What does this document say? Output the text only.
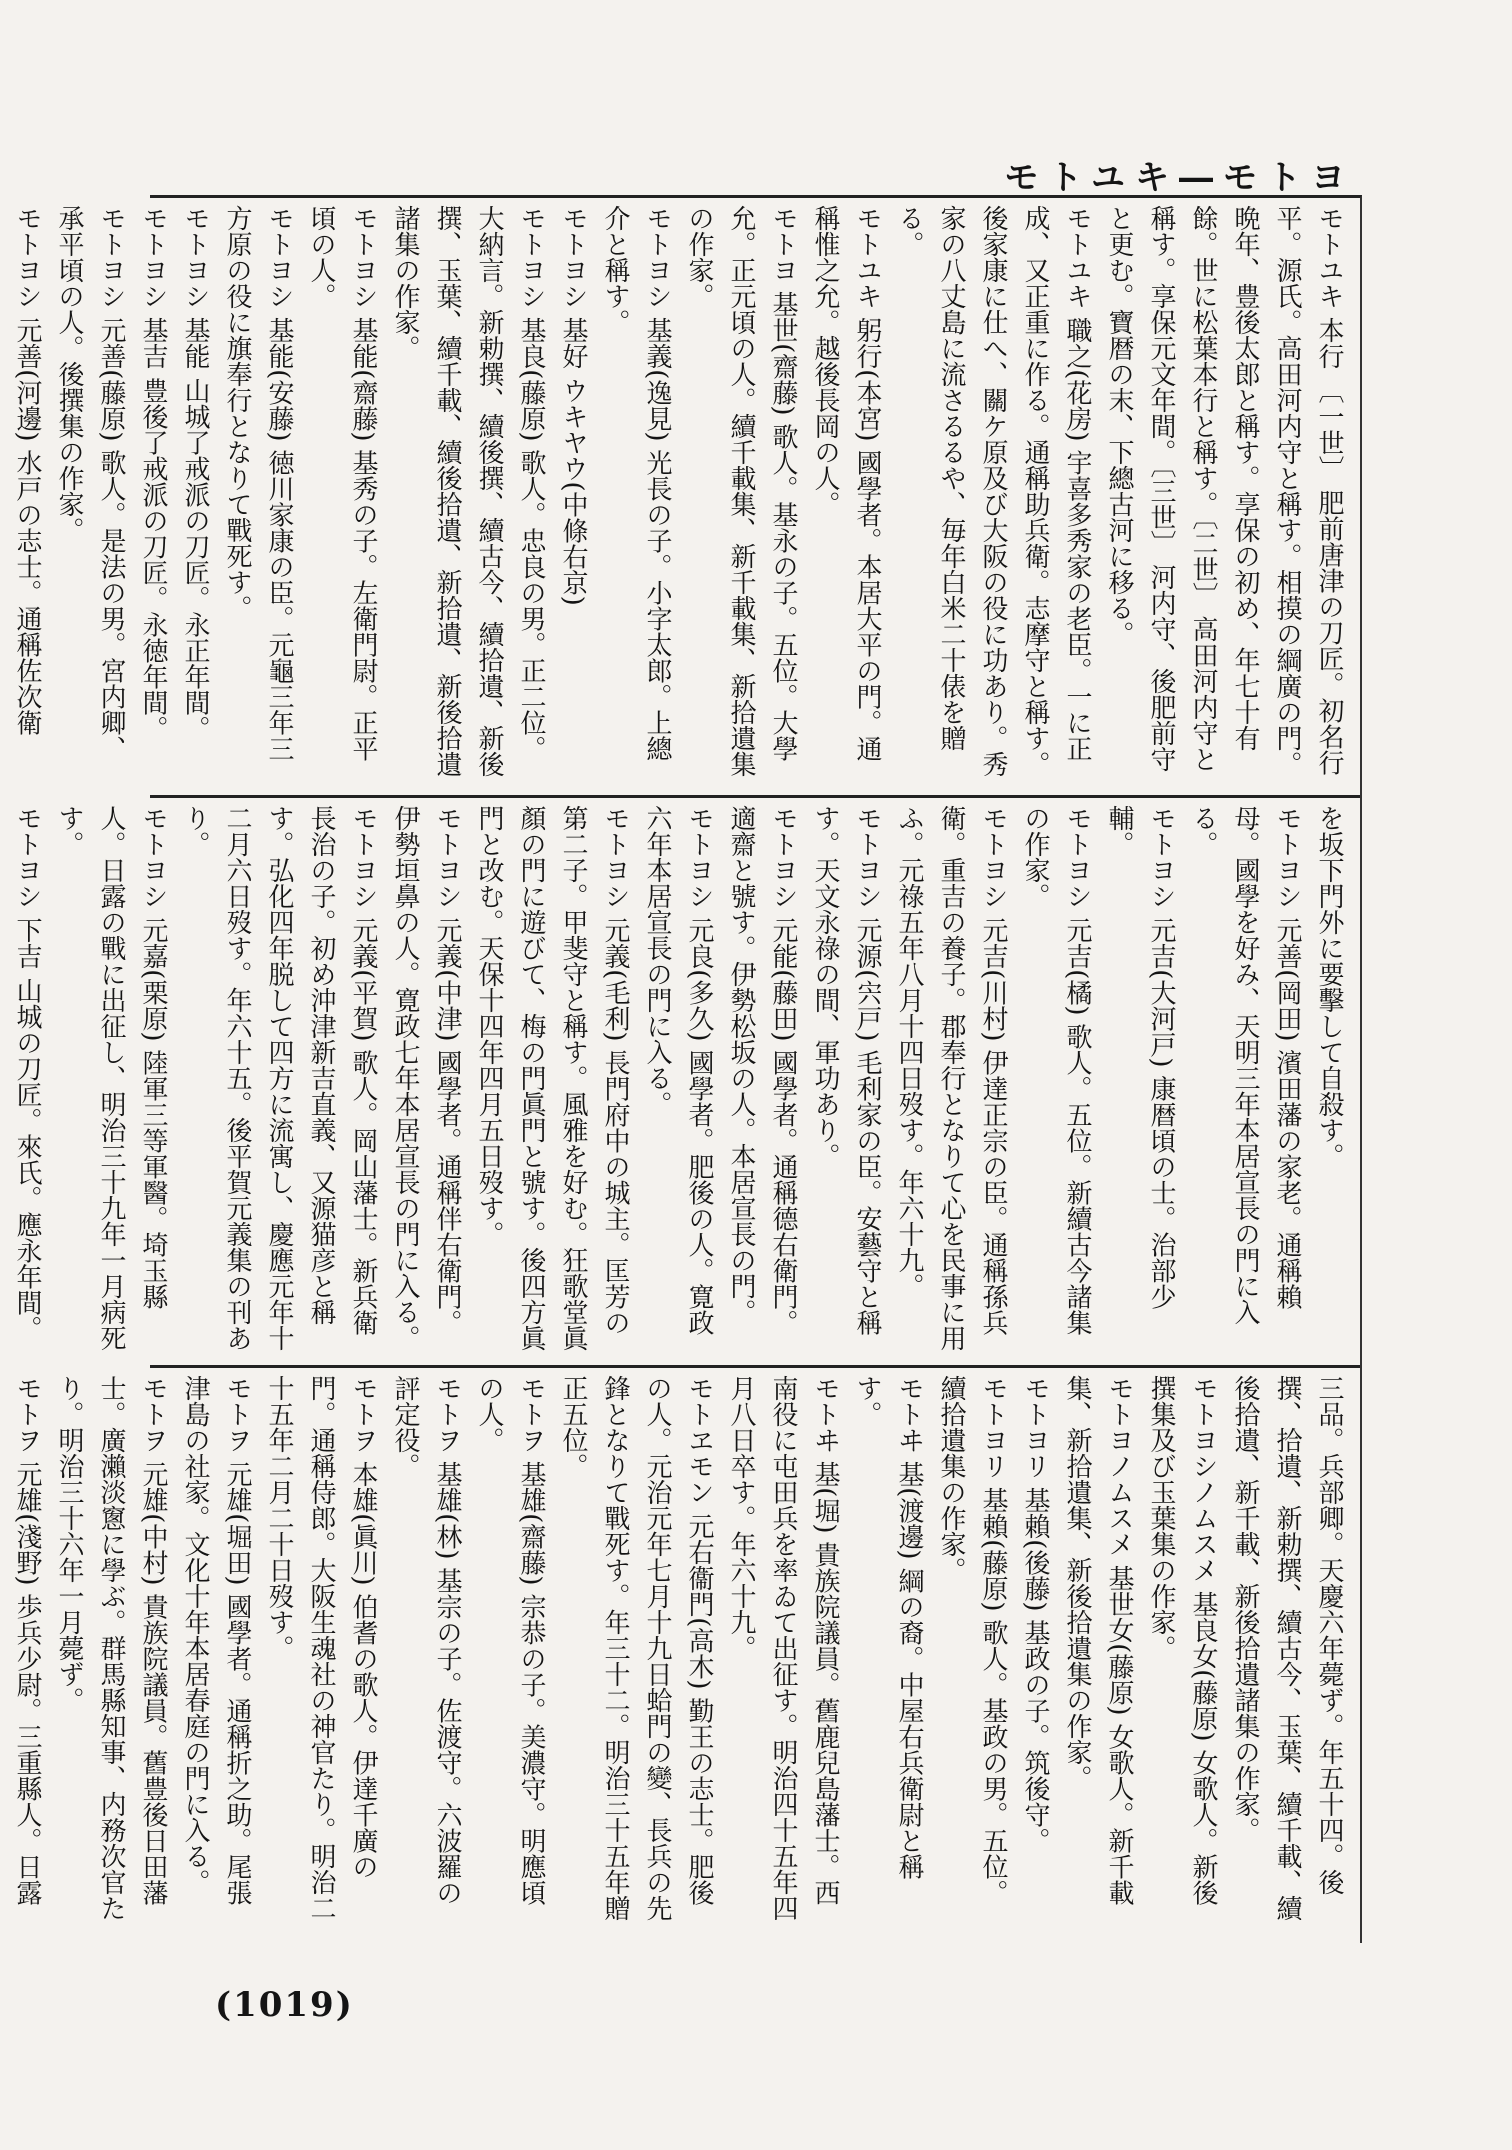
モトユキ―モトヨ
モトユキ 本行 〔一世〕 肥前唐津の刀匠。初名行平。源氏。高田河内守と稱す。相摸の綱廣の門。晩年、豊後太郎と稱す。享保の初め、年七十有餘。世に松葉本行と稱す。〔二世〕 高田河内守と稱す。享保元文年間。〔三世〕 河内守、後肥前守と更む。寶暦の末、下總古河に移る。
モトユキ 職之(花房) 宇喜多秀家の老臣。一に正成、又正重に作る。通稱助兵衛。志摩守と稱す。後家康に仕へ、關ケ原及び大阪の役に功あり。秀家の八丈島に流さるるや、毎年白米二十俵を贈る。
モトユキ 躬行(本宮) 國學者。本居大平の門。通稱惟之允。越後長岡の人。
モトヨ 基世(齋藤) 歌人。基永の子。五位。大學允。正元頃の人。續千載集、新千載集、新拾遺集の作家。
モトヨシ 基義(逸見) 光長の子。小字太郎。上總介と稱す。
モトヨシ 基好 ウキヤウ(中條右京)
モトヨシ 基良(藤原) 歌人。忠良の男。正二位。大納言。新勅撰、續後撰、續古今、續拾遺、新後撰、玉葉、續千載、續後拾遺、新拾遺、新後拾遺諸集の作家。
モトヨシ 基能(齋藤) 基秀の子。左衛門尉。正平頃の人。
モトヨシ 基能(安藤) 徳川家康の臣。元龜三年三方原の役に旗奉行となりて戰死す。
モトヨシ 基能 山城了戒派の刀匠。永正年間。
モトヨシ 基吉 豊後了戒派の刀匠。永徳年間。
モトヨシ 元善(藤原) 歌人。是法の男。宮内卿、承平頃の人。後撰集の作家。
モトヨシ 元善(河邊) 水戸の志士。通稱佐次衛
を坂下門外に要擊して自殺す。
モトヨシ 元善(岡田) 濱田藩の家老。通稱賴母。國學を好み、天明三年本居宣長の門に入る。
モトヨシ 元吉(大河戸) 康暦頃の士。治部少輔。
モトヨシ 元吉(橘) 歌人。五位。新續古今諸集の作家。
モトヨシ 元吉(川村) 伊達正宗の臣。通稱孫兵衛。重吉の養子。郡奉行となりて心を民事に用ふ。元祿五年八月十四日歿す。年六十九。
モトヨシ 元源(宍戸) 毛利家の臣。安藝守と稱す。天文永祿の間、軍功あり。
モトヨシ 元能(藤田) 國學者。通稱德右衛門。適齋と號す。伊勢松坂の人。本居宣長の門。
モトヨシ 元良(多久) 國學者。肥後の人。寛政六年本居宣長の門に入る。
モトヨシ 元義(毛利) 長門府中の城主。匡芳の第二子。甲斐守と稱す。風雅を好む。狂歌堂眞顏の門に遊びて、梅の門眞門と號す。後四方眞門と改む。天保十四年四月五日歿す。
モトヨシ 元義(中津) 國學者。通稱伴右衛門。伊勢垣鼻の人。寛政七年本居宣長の門に入る。
モトヨシ 元義(平賀) 歌人。岡山藩士。新兵衛長治の子。初め沖津新吉直義、又源猫彦と稱す。弘化四年脱して四方に流寓し、慶應元年十二月六日歿す。年六十五。後平賀元義集の刊あり。
モトヨシ 元嘉(栗原) 陸軍三等軍醫。埼玉縣人。日露の戰に出征し、明治三十九年一月病死す。
モトヨシ 下吉 山城の刀匠。來氏。應永年間。
三品。兵部卿。天慶六年薨ず。年五十四。後撰、拾遺、新勅撰、續古今、玉葉、續千載、續後拾遺、新千載、新後拾遺諸集の作家。
モトヨシノムスメ 基良女(藤原) 女歌人。新後撰集及び玉葉集の作家。
モトヨノムスメ 基世女(藤原) 女歌人。新千載集、新拾遺集、新後拾遺集の作家。
モトヨリ 基賴(後藤) 基政の子。筑後守。
モトヨリ 基賴(藤原) 歌人。基政の男。五位。續拾遺集の作家。
モトヰ 基(渡邊) 綱の裔。中屋右兵衛尉と稱す。
モトヰ 基(堀) 貴族院議員。舊鹿兒島藩士。西南役に屯田兵を率ゐて出征す。明治四十五年四月八日卒す。年六十九。
モトヱモン 元右衞門(高木) 勤王の志士。肥後の人。元治元年七月十九日蛤門の變、長兵の先鋒となりて戰死す。年三十二。明治三十五年贈正五位。
モトヲ 基雄(齋藤) 宗恭の子。美濃守。明應頃の人。
モトヲ 基雄(林) 基宗の子。佐渡守。六波羅の評定役。
モトヲ 本雄(眞川) 伯耆の歌人。伊達千廣の門。通稱侍郎。大阪生魂社の神官たり。明治二十五年二月二十日歿す。
モトヲ 元雄(堀田) 國學者。通稱折之助。尾張津島の社家。文化十年本居春庭の門に入る。
モトヲ 元雄(中村) 貴族院議員。舊豊後日田藩士。廣瀨淡窻に學ぶ。群馬縣知事、内務次官たり。明治三十六年一月薨ず。
モトヲ 元雄(淺野) 歩兵少尉。三重縣人。日露
(1019)
